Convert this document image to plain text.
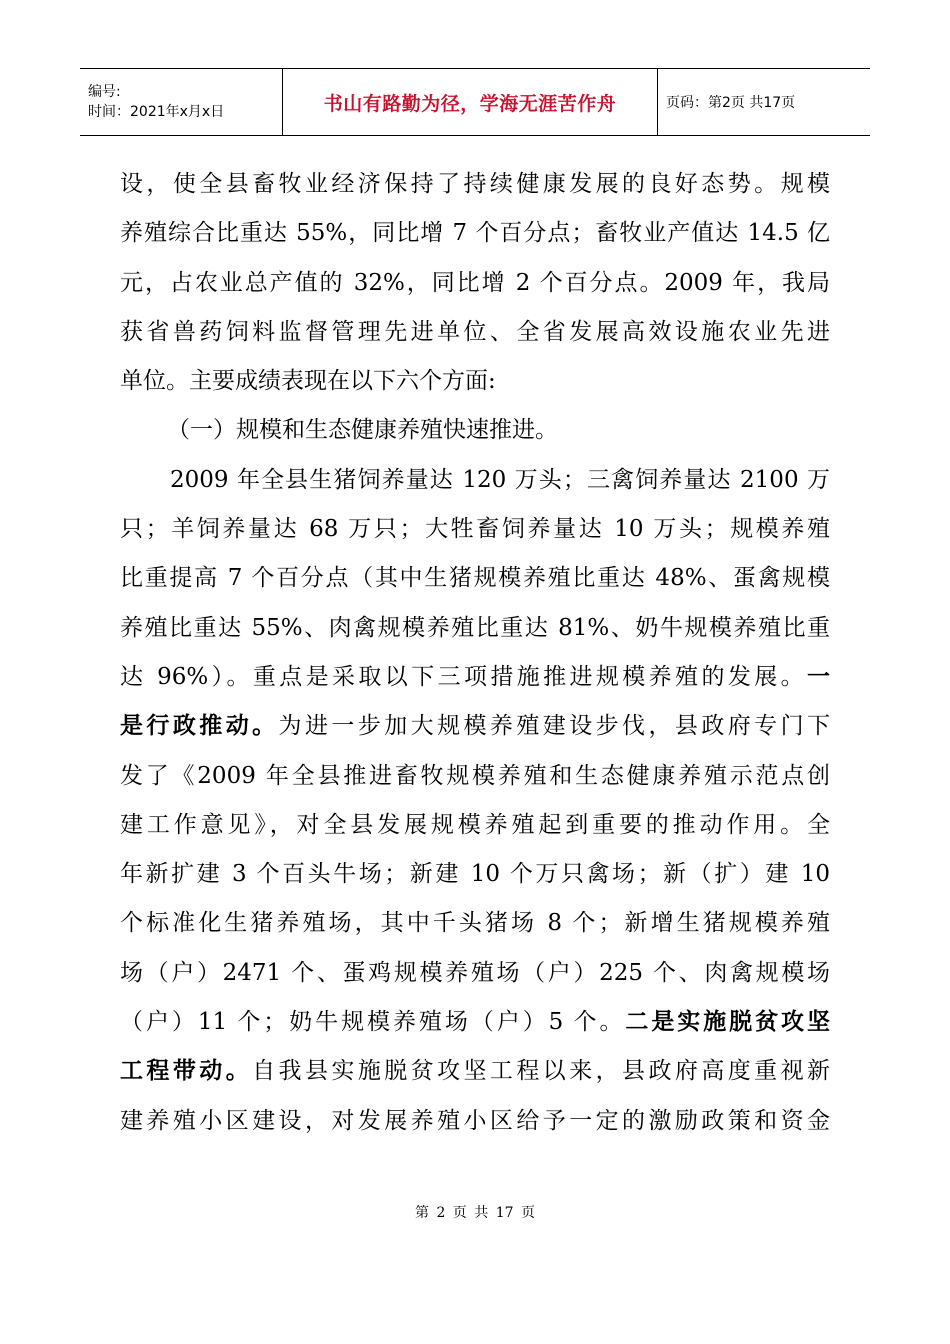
编号:
时间：2021年x月x日	书山有路勤为径，学海无涯苦作舟	页码：第2页 共17页
设，使全县畜牧业经济保持了持续健康发展的良好态势。规模
养殖综合比重达 55%，同比增 7 个百分点；畜牧业产值达 14.5 亿
元，占农业总产值的 32%，同比增 2 个百分点。2009 年，我局
获省兽药饲料监督管理先进单位、全省发展高效设施农业先进
单位。主要成绩表现在以下六个方面:
（一）规模和生态健康养殖快速推进。
2009 年全县生猪饲养量达 120 万头；三禽饲养量达 2100 万
只；羊饲养量达 68 万只；大牲畜饲养量达 10 万头；规模养殖
比重提高 7 个百分点（其中生猪规模养殖比重达 48%、蛋禽规模
养殖比重达 55%、肉禽规模养殖比重达 81%、奶牛规模养殖比重
达 96%）。重点是采取以下三项措施推进规模养殖的发展。一
是行政推动。为进一步加大规模养殖建设步伐，县政府专门下
发了《2009 年全县推进畜牧规模养殖和生态健康养殖示范点创
建工作意见》，对全县发展规模养殖起到重要的推动作用。全
年新扩建 3 个百头牛场；新建 10 个万只禽场；新（扩）建 10
个标准化生猪养殖场，其中千头猪场 8 个；新增生猪规模养殖
场（户）2471 个、蛋鸡规模养殖场（户）225 个、肉禽规模场
（户）11 个；奶牛规模养殖场（户）5 个。二是实施脱贫攻坚
工程带动。自我县实施脱贫攻坚工程以来，县政府高度重视新
建养殖小区建设，对发展养殖小区给予一定的激励政策和资金
第 2 页 共 17 页
